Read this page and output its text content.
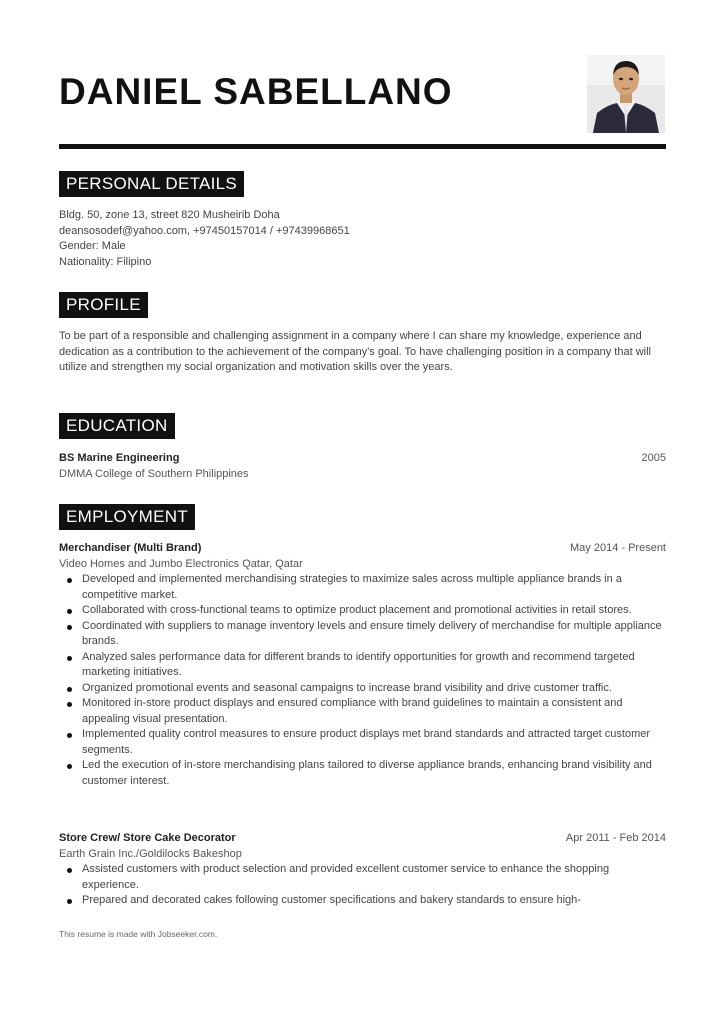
DANIEL SABELLANO
PERSONAL DETAILS
Bldg. 50, zone 13, street 820 Musheirib Doha
deansosodef@yahoo.com, +97450157014 / +97439968651
Gender: Male
Nationality: Filipino
PROFILE

To be part of a responsible and challenging assignment in a company where I can share my knowledge, experience and dedication as a contribution to the achievement of the company's goal. To have challenging position in a company that will utilize and strengthen my social organization and motivation skills over the years.

EDUCATION
BS Marine Engineering	2005
DMMA College of Southern Philippines
EMPLOYMENT
Merchandiser (Multi Brand)	May 2014 - Present
Video Homes and Jumbo Electronics Qatar, Qatar
Developed and implemented merchandising strategies to maximize sales across multiple appliance brands in a competitive market.
Collaborated with cross-functional teams to optimize product placement and promotional activities in retail stores.
Coordinated with suppliers to manage inventory levels and ensure timely delivery of merchandise for multiple appliance brands.
Analyzed sales performance data for different brands to identify opportunities for growth and recommend targeted marketing initiatives.
Organized promotional events and seasonal campaigns to increase brand visibility and drive customer traffic.
Monitored in-store product displays and ensured compliance with brand guidelines to maintain a consistent and appealing visual presentation.
Implemented quality control measures to ensure product displays met brand standards and attracted target customer segments.
Led the execution of in-store merchandising plans tailored to diverse appliance brands, enhancing brand visibility and customer interest.
Store Crew/ Store Cake Decorator	Apr 2011 - Feb 2014
Earth Grain Inc./Goldilocks Bakeshop
Assisted customers with product selection and provided excellent customer service to enhance the shopping experience.
Prepared and decorated cakes following customer specifications and bakery standards to ensure high-
This resume is made with Jobseeker.com.
